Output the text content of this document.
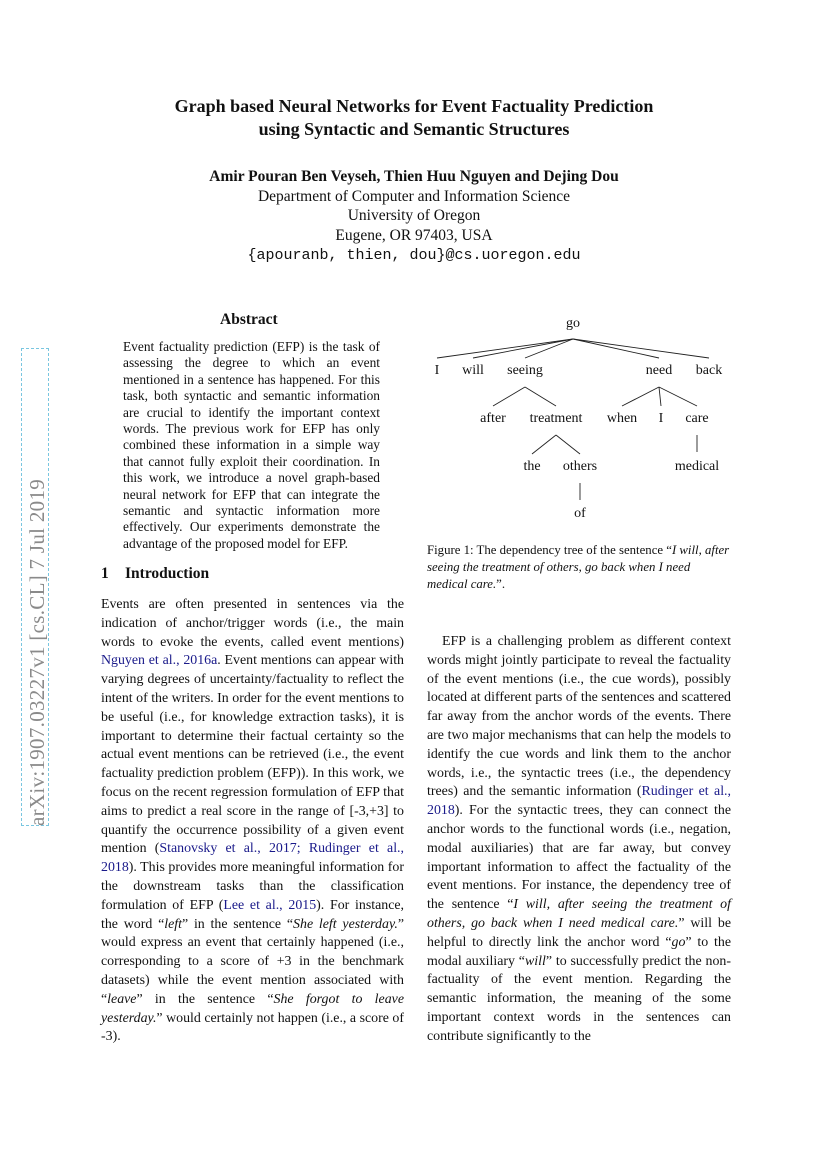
Graph based Neural Networks for Event Factuality Prediction
using Syntactic and Semantic Structures
Amir Pouran Ben Veyseh, Thien Huu Nguyen and Dejing Dou
Department of Computer and Information Science
University of Oregon
Eugene, OR 97403, USA
{apouranb, thien, dou}@cs.uoregon.edu
arXiv:1907.03227v1 [cs.CL] 7 Jul 2019
Abstract
Event factuality prediction (EFP) is the task of assessing the degree to which an event mentioned in a sentence has happened. For this task, both syntactic and semantic information are crucial to identify the important context words. The previous work for EFP has only combined these information in a simple way that cannot fully exploit their coordination. In this work, we introduce a novel graph-based neural network for EFP that can integrate the semantic and syntactic information more effectively. Our experiments demonstrate the advantage of the proposed model for EFP.
1 Introduction
Events are often presented in sentences via the indication of anchor/trigger words (i.e., the main words to evoke the events, called event mentions) Nguyen et al., 2016a. Event mentions can appear with varying degrees of uncertainty/factuality to reflect the intent of the writers. In order for the event mentions to be useful (i.e., for knowledge extraction tasks), it is important to determine their factual certainty so the actual event mentions can be retrieved (i.e., the event factuality prediction problem (EFP)). In this work, we focus on the recent regression formulation of EFP that aims to predict a real score in the range of [-3,+3] to quantify the occurrence possibility of a given event mention (Stanovsky et al., 2017; Rudinger et al., 2018). This provides more meaningful information for the downstream tasks than the classification formulation of EFP (Lee et al., 2015). For instance, the word “left” in the sentence “She left yesterday.” would express an event that certainly happened (i.e., corresponding to a score of +3 in the benchmark datasets) while the event mention associated with “leave” in the sentence “She forgot to leave yesterday.” would certainly not happen (i.e., a score of -3).
EFP is a challenging problem as different context words might jointly participate to reveal the factuality of the event mentions (i.e., the cue words), possibly located at different parts of the sentences and scattered far away from the anchor words of the events. There are two major mechanisms that can help the models to identify the cue words and link them to the anchor words, i.e., the syntactic trees (i.e., the dependency trees) and the semantic information (Rudinger et al., 2018). For the syntactic trees, they can connect the anchor words to the functional words (i.e., negation, modal auxiliaries) that are far away, but convey important information to affect the factuality of the event mentions. For instance, the dependency tree of the sentence “I will, after seeing the treatment of others, go back when I need medical care.” will be helpful to directly link the anchor word “go” to the modal auxiliary “will” to successfully predict the non-factuality of the event mention. Regarding the semantic information, the meaning of the some important context words in the sentences can contribute significantly to the
go
I will seeing	need back
after treatment when I care
the others	medical
of
Figure 1: The dependency tree of the sentence “I will, after seeing the treatment of others, go back when I need medical care.”.
